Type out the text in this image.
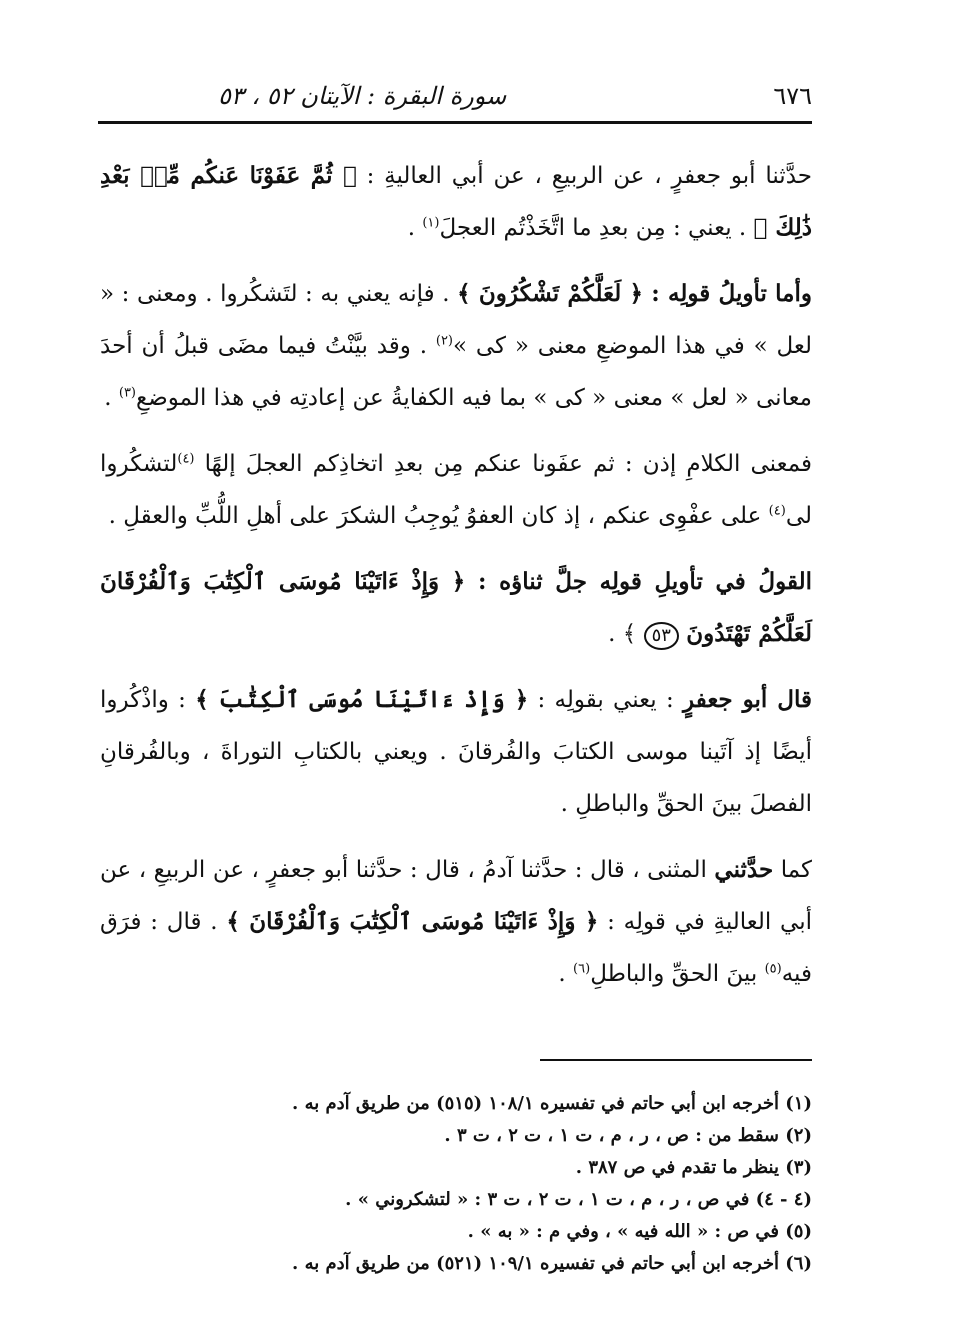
٦٧٦
سورة البقرة : الآيتان ٥٢ ، ٥٣

حدَّثنا أبو جعفرٍ ، عن الربيعِ ، عن أبي العاليةِ : ﴿ ثُمَّ عَفَوْنَا عَنكُم مِّنۢ بَعْدِ ذَٰلِكَ ﴾ . يعني : مِن بعدِ ما اتَّخَذْتُم العجلَ$^{(١)}$ .

وأما تأويلُ قولِه : ﴿ لَعَلَّكُمْ تَشْكُرُونَ ﴾ . فإنه يعني به : لتَشكُروا . ومعنى : « لعل » في هذا الموضعِ معنى « كى »$^{(٢)}$ . وقد بيَّنْتُ فيما مضَى قبلُ أن أحدَ معانى « لعل » معنى « كى » بما فيه الكفايةُ عن إعادتِه في هذا الموضعِ$^{(٣)}$ .

فمعنى الكلامِ إذن : ثم عفَونا عنكم مِن بعدِ اتخاذِكم العجلَ إلهًا $^{(٤)}$لتشكُروا لى$^{(٤)}$ على عفْوِى عنكم ، إذ كان العفوُ يُوجِبُ الشكرَ على أهلِ اللُّبِّ والعقلِ .

القولُ في تأويلِ قولِه جلَّ ثناؤه : ﴿ وَإِذْ ءَاتَيْنَا مُوسَى ٱلْكِتَٰبَ وَٱلْفُرْقَانَ لَعَلَّكُمْ تَهْتَدُونَ ٥٣ ﴾ .

قال أبو جعفرٍ : يعني بقولِه : ﴿ وَإِذْ ءَاتَيْنَا مُوسَى ٱلْكِتَٰبَ ﴾ : واذْكُروا أيضًا إذ آتَينا موسى الكتابَ والفُرقانَ . ويعني بالكتابِ التوراةَ ، وبالفُرقانِ الفصلَ بينَ الحقِّ والباطلِ .

كما حدَّثني المثنى ، قال : حدَّثنا آدمُ ، قال : حدَّثنا أبو جعفرٍ ، عن الربيعِ ، عن أبي العاليةِ في قولِه : ﴿ وَإِذْ ءَاتَيْنَا مُوسَى ٱلْكِتَٰبَ وَٱلْفُرْقَانَ ﴾ . قال : فرَق فيه$^{(٥)}$ بينَ الحقِّ والباطلِ$^{(٦)}$ .

(١) أخرجه ابن أبي حاتم في تفسيره ١٠٨/١ (٥١٥) من طريق آدم به .

(٢) سقط من : ص ، ر ، م ، ت ١ ، ت ٢ ، ت ٣ .

(٣) ينظر ما تقدم في ص ٣٨٧ .

(٤ - ٤) في ص ، ر ، م ، ت ١ ، ت ٢ ، ت ٣ : « لتشكروني » .

(٥) في ص : « الله فيه » ، وفي م : « به » .

(٦) أخرجه ابن أبي حاتم في تفسيره ١٠٩/١ (٥٢١) من طريق آدم به .
